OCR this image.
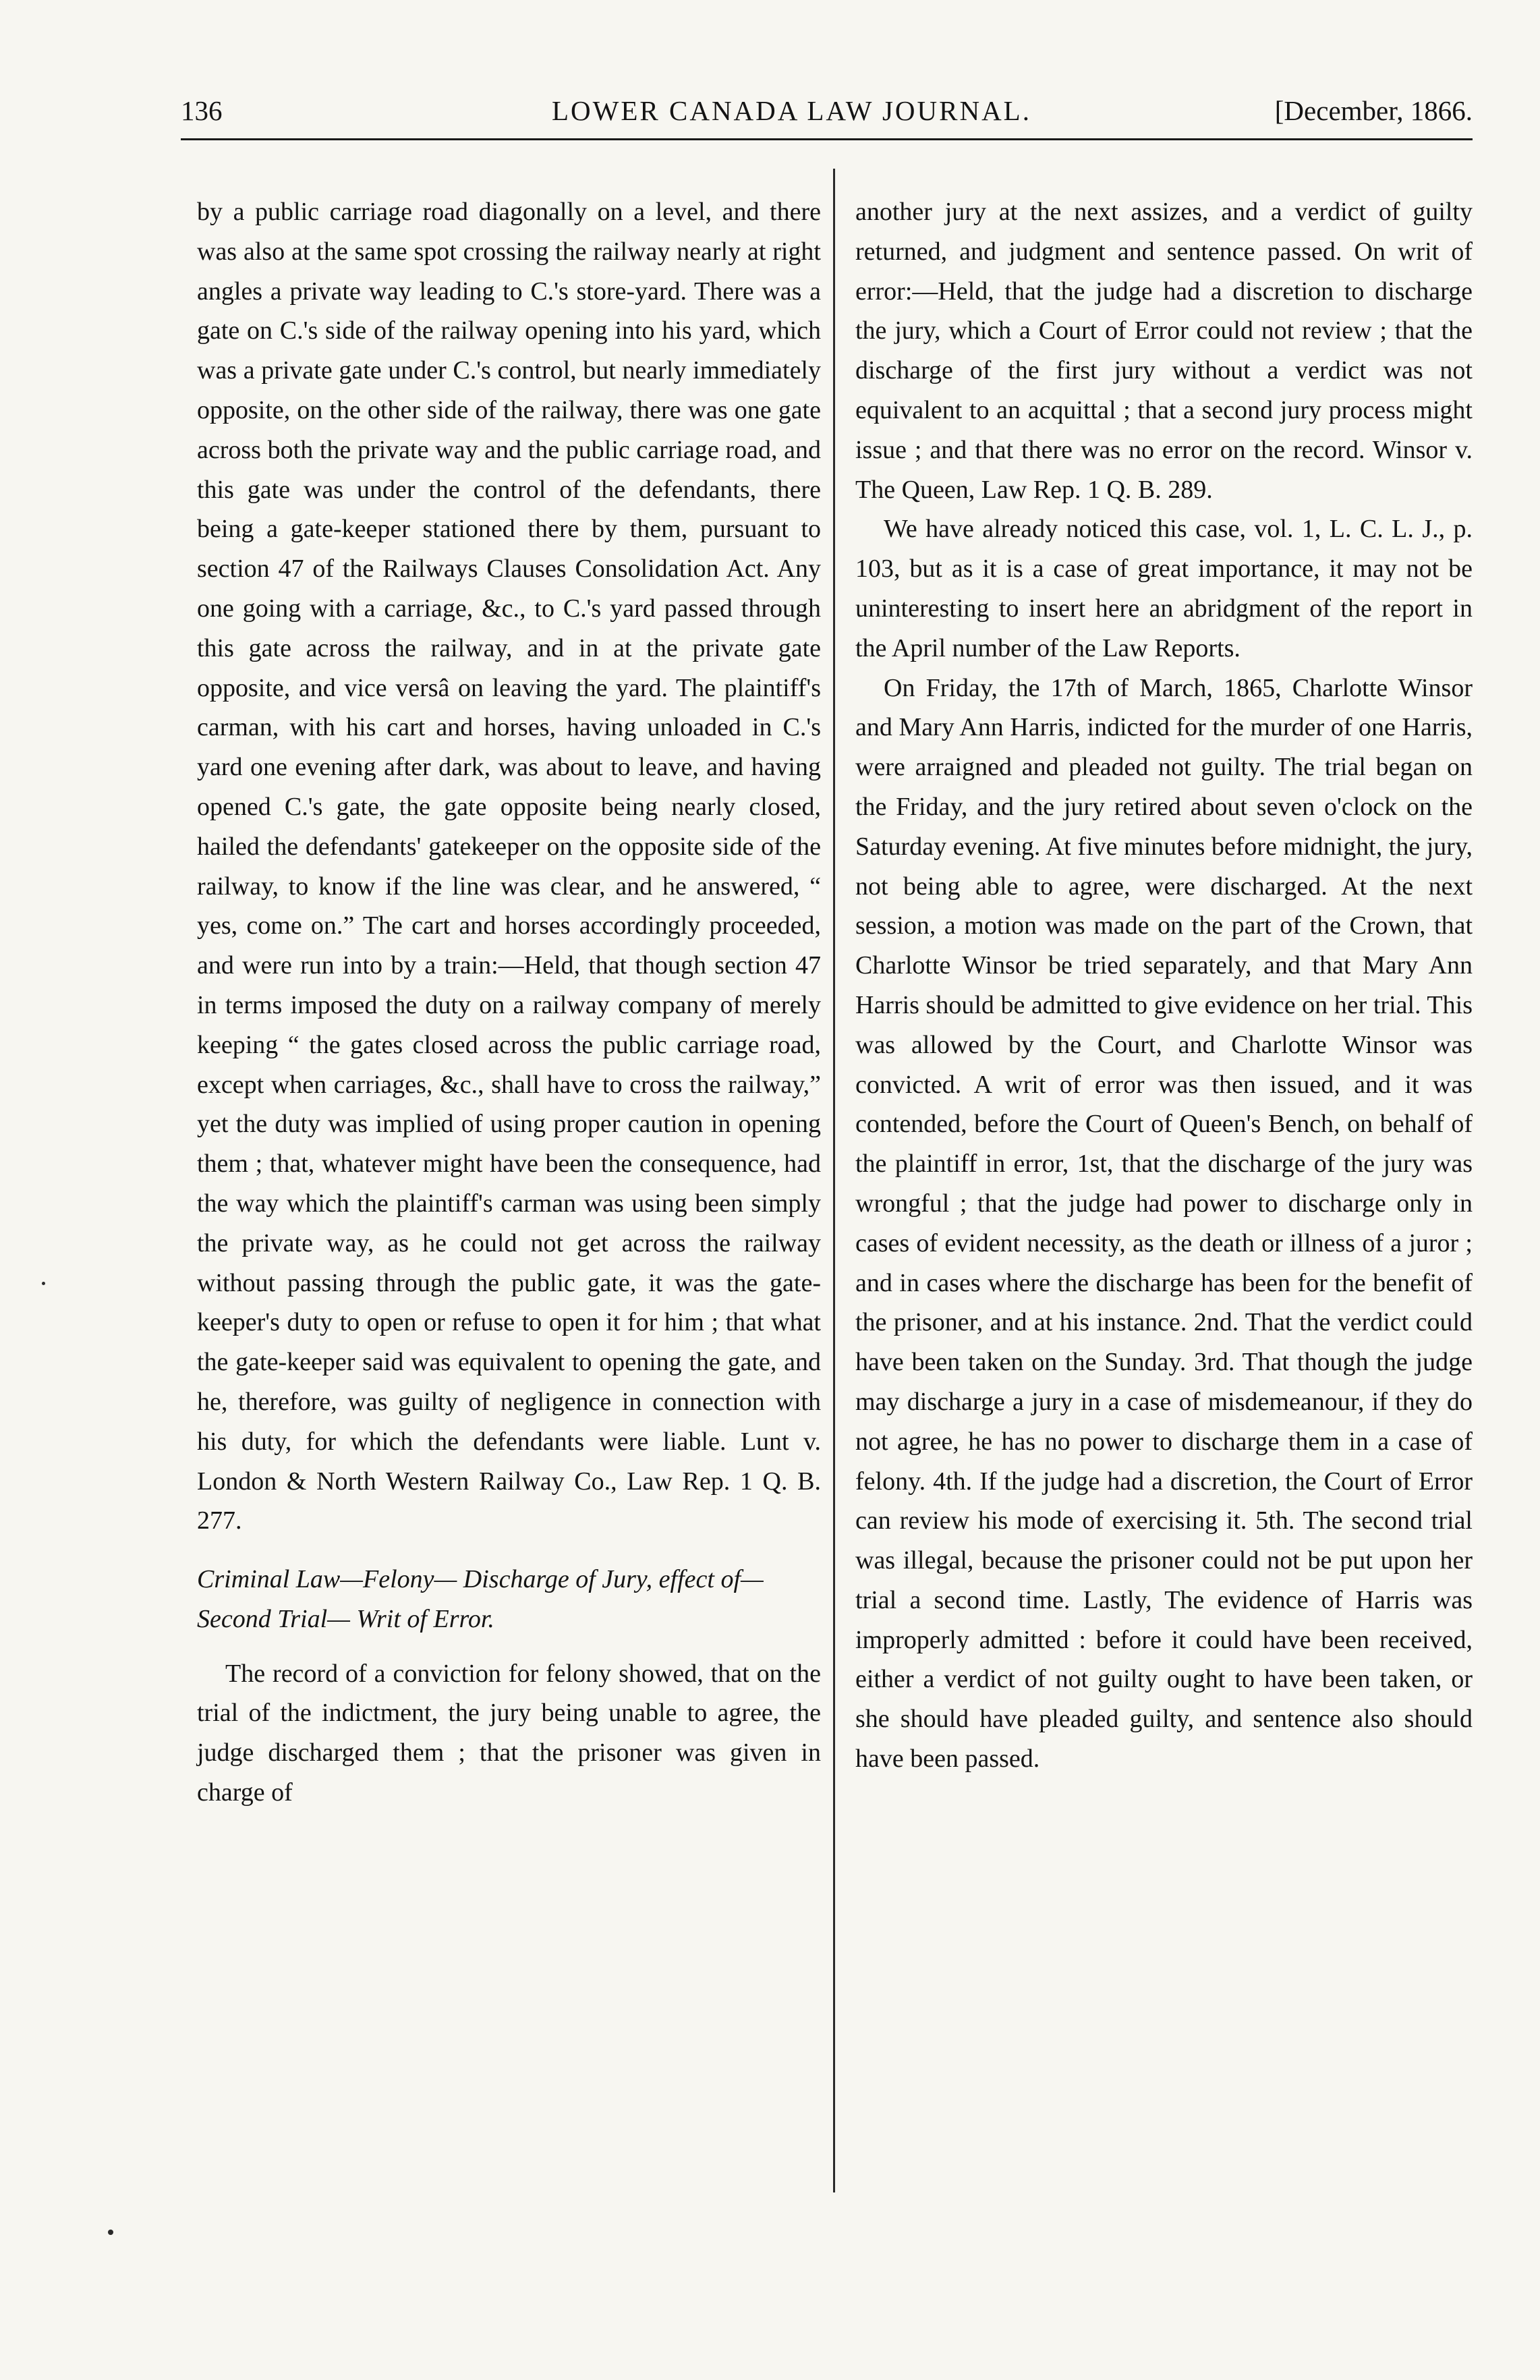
136	LOWER CANADA LAW JOURNAL.	[December, 1866.

by a public carriage road diagonally on a level, and there was also at the same spot crossing the railway nearly at right angles a private way leading to C.'s store-yard. There was a gate on C.'s side of the railway opening into his yard, which was a private gate under C.'s control, but nearly immediately opposite, on the other side of the railway, there was one gate across both the private way and the public carriage road, and this gate was under the control of the defendants, there being a gate-keeper stationed there by them, pursuant to section 47 of the Railways Clauses Consolidation Act. Any one going with a carriage, &c., to C.'s yard passed through this gate across the railway, and in at the private gate opposite, and vice versâ on leaving the yard. The plaintiff's carman, with his cart and horses, having unloaded in C.'s yard one evening after dark, was about to leave, and having opened C.'s gate, the gate opposite being nearly closed, hailed the defendants' gatekeeper on the opposite side of the railway, to know if the line was clear, and he answered, “ yes, come on.” The cart and horses accordingly proceeded, and were run into by a train:—Held, that though section 47 in terms imposed the duty on a railway company of merely keeping “ the gates closed across the public carriage road, except when carriages, &c., shall have to cross the railway,” yet the duty was implied of using proper caution in opening them ; that, whatever might have been the consequence, had the way which the plaintiff's carman was using been simply the private way, as he could not get across the railway without passing through the public gate, it was the gate-keeper's duty to open or refuse to open it for him ; that what the gate-keeper said was equivalent to opening the gate, and he, therefore, was guilty of negligence in connection with his duty, for which the defendants were liable. Lunt v. London & North Western Railway Co., Law Rep. 1 Q. B. 277.

Criminal Law—Felony— Discharge of Jury, effect of—Second Trial— Writ of Error.

The record of a conviction for felony showed, that on the trial of the indictment, the jury being unable to agree, the judge discharged them ; that the prisoner was given in charge of

another jury at the next assizes, and a verdict of guilty returned, and judgment and sentence passed. On writ of error:—Held, that the judge had a discretion to discharge the jury, which a Court of Error could not review ; that the discharge of the first jury without a verdict was not equivalent to an acquittal ; that a second jury process might issue ; and that there was no error on the record. Winsor v. The Queen, Law Rep. 1 Q. B. 289.

We have already noticed this case, vol. 1, L. C. L. J., p. 103, but as it is a case of great importance, it may not be uninteresting to insert here an abridgment of the report in the April number of the Law Reports.

On Friday, the 17th of March, 1865, Charlotte Winsor and Mary Ann Harris, indicted for the murder of one Harris, were arraigned and pleaded not guilty. The trial began on the Friday, and the jury retired about seven o'clock on the Saturday evening. At five minutes before midnight, the jury, not being able to agree, were discharged. At the next session, a motion was made on the part of the Crown, that Charlotte Winsor be tried separately, and that Mary Ann Harris should be admitted to give evidence on her trial. This was allowed by the Court, and Charlotte Winsor was convicted. A writ of error was then issued, and it was contended, before the Court of Queen's Bench, on behalf of the plaintiff in error, 1st, that the discharge of the jury was wrongful ; that the judge had power to discharge only in cases of evident necessity, as the death or illness of a juror ; and in cases where the discharge has been for the benefit of the prisoner, and at his instance. 2nd. That the verdict could have been taken on the Sunday. 3rd. That though the judge may discharge a jury in a case of misdemeanour, if they do not agree, he has no power to discharge them in a case of felony. 4th. If the judge had a discretion, the Court of Error can review his mode of exercising it. 5th. The second trial was illegal, because the prisoner could not be put upon her trial a second time. Lastly, The evidence of Harris was improperly admitted : before it could have been received, either a verdict of not guilty ought to have been taken, or she should have pleaded guilty, and sentence also should have been passed.
